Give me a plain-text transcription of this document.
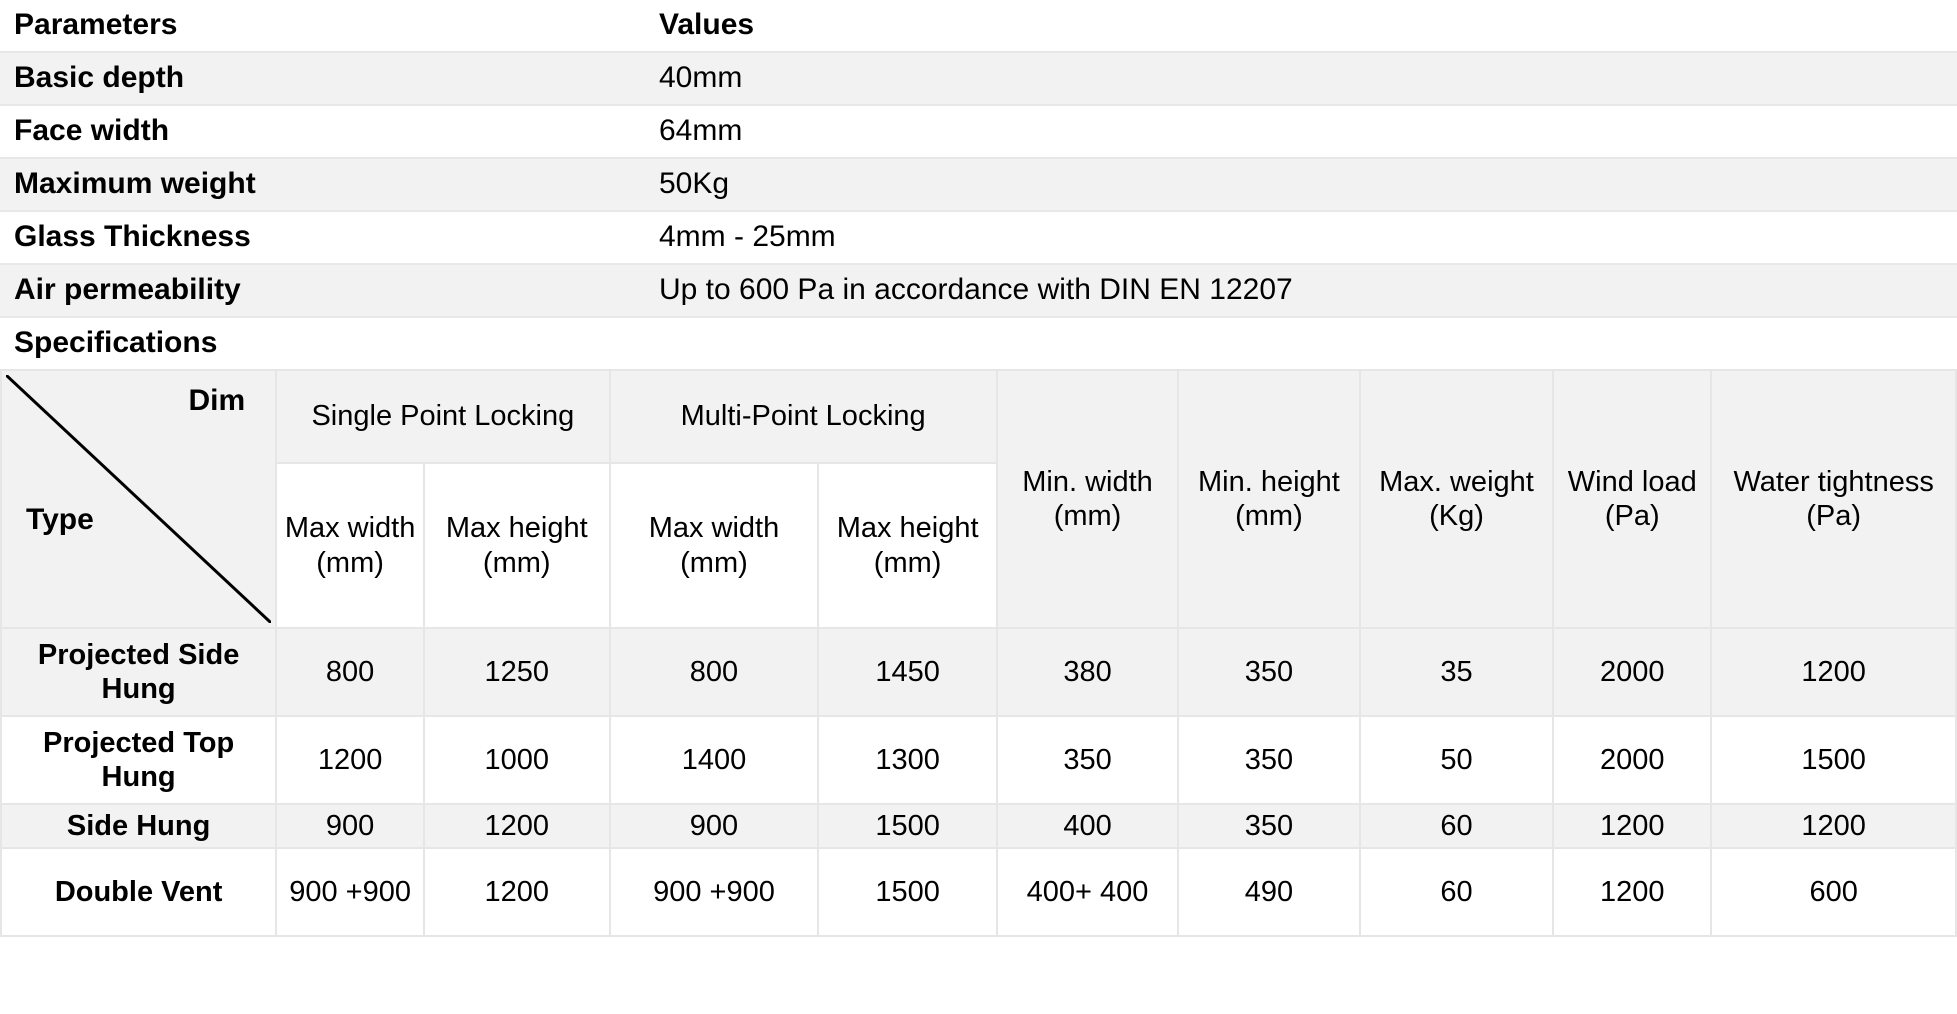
Parameters	Values
Basic depth	40mm
Face width	64mm
Maximum weight	50Kg
Glass Thickness	4mm - 25mm
Air permeability	Up to 600 Pa in accordance with DIN EN 12207
Specifications	
Dim
Type	Single Point Locking		Multi-Point Locking		Min. width (mm)	Min. height (mm)	Max. weight (Kg)	Wind load (Pa)	Water tightness (Pa)
	Max width (mm)	Max height (mm)	Max width (mm)	Max height (mm)					
Projected Side Hung	800	1250	800	1450	380	350	35	2000	1200
Projected Top Hung	1200	1000	1400	1300	350	350	50	2000	1500
Side Hung	900	1200	900	1500	400	350	60	1200	1200
Double Vent	900 +900	1200	900 +900	1500	400+ 400	490	60	1200	600
